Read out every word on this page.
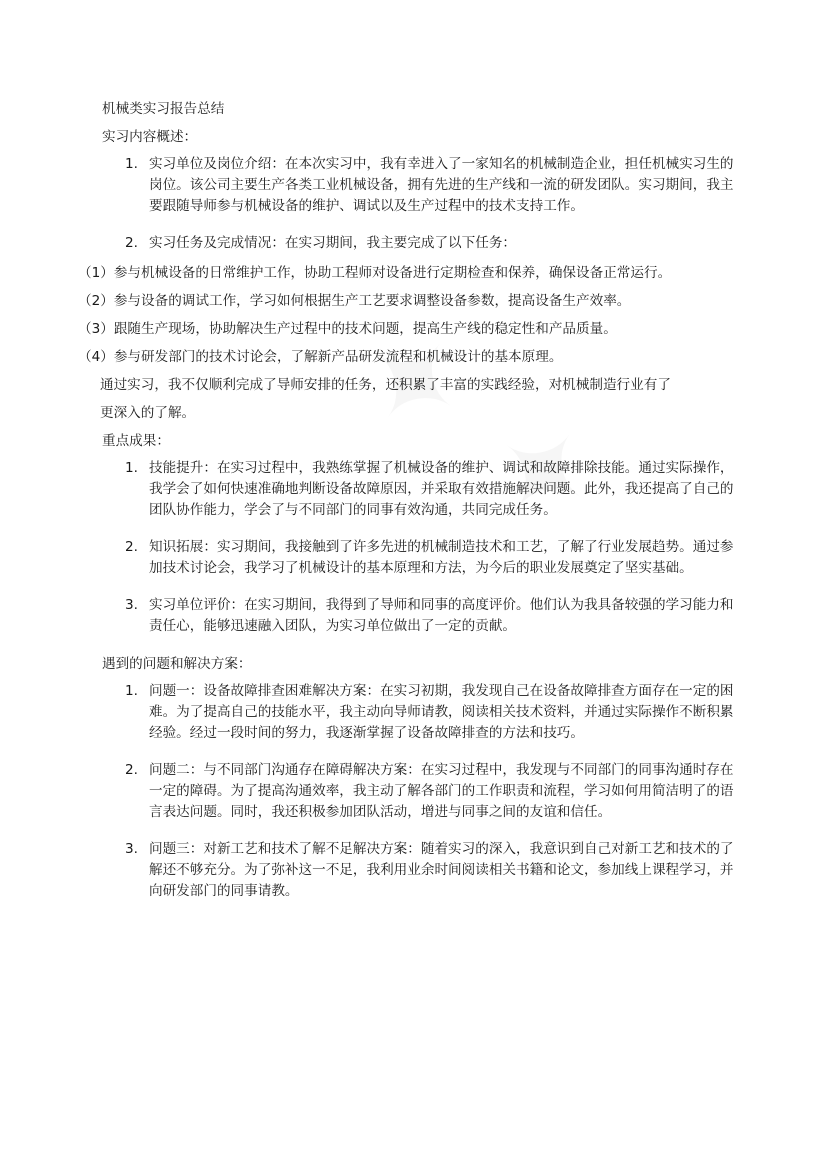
机械类实习报告总结
实习内容概述：
1. 实习单位及岗位介绍：在本次实习中，我有幸进入了一家知名的机械制造企业，担任机械实习生的岗位。该公司主要生产各类工业机械设备，拥有先进的生产线和一流的研发团队。实习期间，我主要跟随导师参与机械设备的维护、调试以及生产过程中的技术支持工作。
2. 实习任务及完成情况：在实习期间，我主要完成了以下任务：
（1）参与机械设备的日常维护工作，协助工程师对设备进行定期检查和保养，确保设备正常运行。
（2）参与设备的调试工作，学习如何根据生产工艺要求调整设备参数，提高设备生产效率。
（3）跟随生产现场，协助解决生产过程中的技术问题，提高生产线的稳定性和产品质量。
（4）参与研发部门的技术讨论会，了解新产品研发流程和机械设计的基本原理。
通过实习，我不仅顺利完成了导师安排的任务，还积累了丰富的实践经验，对机械制造行业有了
更深入的了解。
重点成果：
1. 技能提升：在实习过程中，我熟练掌握了机械设备的维护、调试和故障排除技能。通过实际操作，我学会了如何快速准确地判断设备故障原因，并采取有效措施解决问题。此外，我还提高了自己的团队协作能力，学会了与不同部门的同事有效沟通，共同完成任务。
2. 知识拓展：实习期间，我接触到了许多先进的机械制造技术和工艺，了解了行业发展趋势。通过参加技术讨论会，我学习了机械设计的基本原理和方法，为今后的职业发展奠定了坚实基础。
3. 实习单位评价：在实习期间，我得到了导师和同事的高度评价。他们认为我具备较强的学习能力和责任心，能够迅速融入团队，为实习单位做出了一定的贡献。
遇到的问题和解决方案：
1. 问题一：设备故障排查困难解决方案：在实习初期，我发现自己在设备故障排查方面存在一定的困难。为了提高自己的技能水平，我主动向导师请教，阅读相关技术资料，并通过实际操作不断积累经验。经过一段时间的努力，我逐渐掌握了设备故障排查的方法和技巧。
2. 问题二：与不同部门沟通存在障碍解决方案：在实习过程中，我发现与不同部门的同事沟通时存在一定的障碍。为了提高沟通效率，我主动了解各部门的工作职责和流程，学习如何用简洁明了的语言表达问题。同时，我还积极参加团队活动，增进与同事之间的友谊和信任。
3. 问题三：对新工艺和技术了解不足解决方案：随着实习的深入，我意识到自己对新工艺和技术的了解还不够充分。为了弥补这一不足，我利用业余时间阅读相关书籍和论文，参加线上课程学习，并向研发部门的同事请教。
